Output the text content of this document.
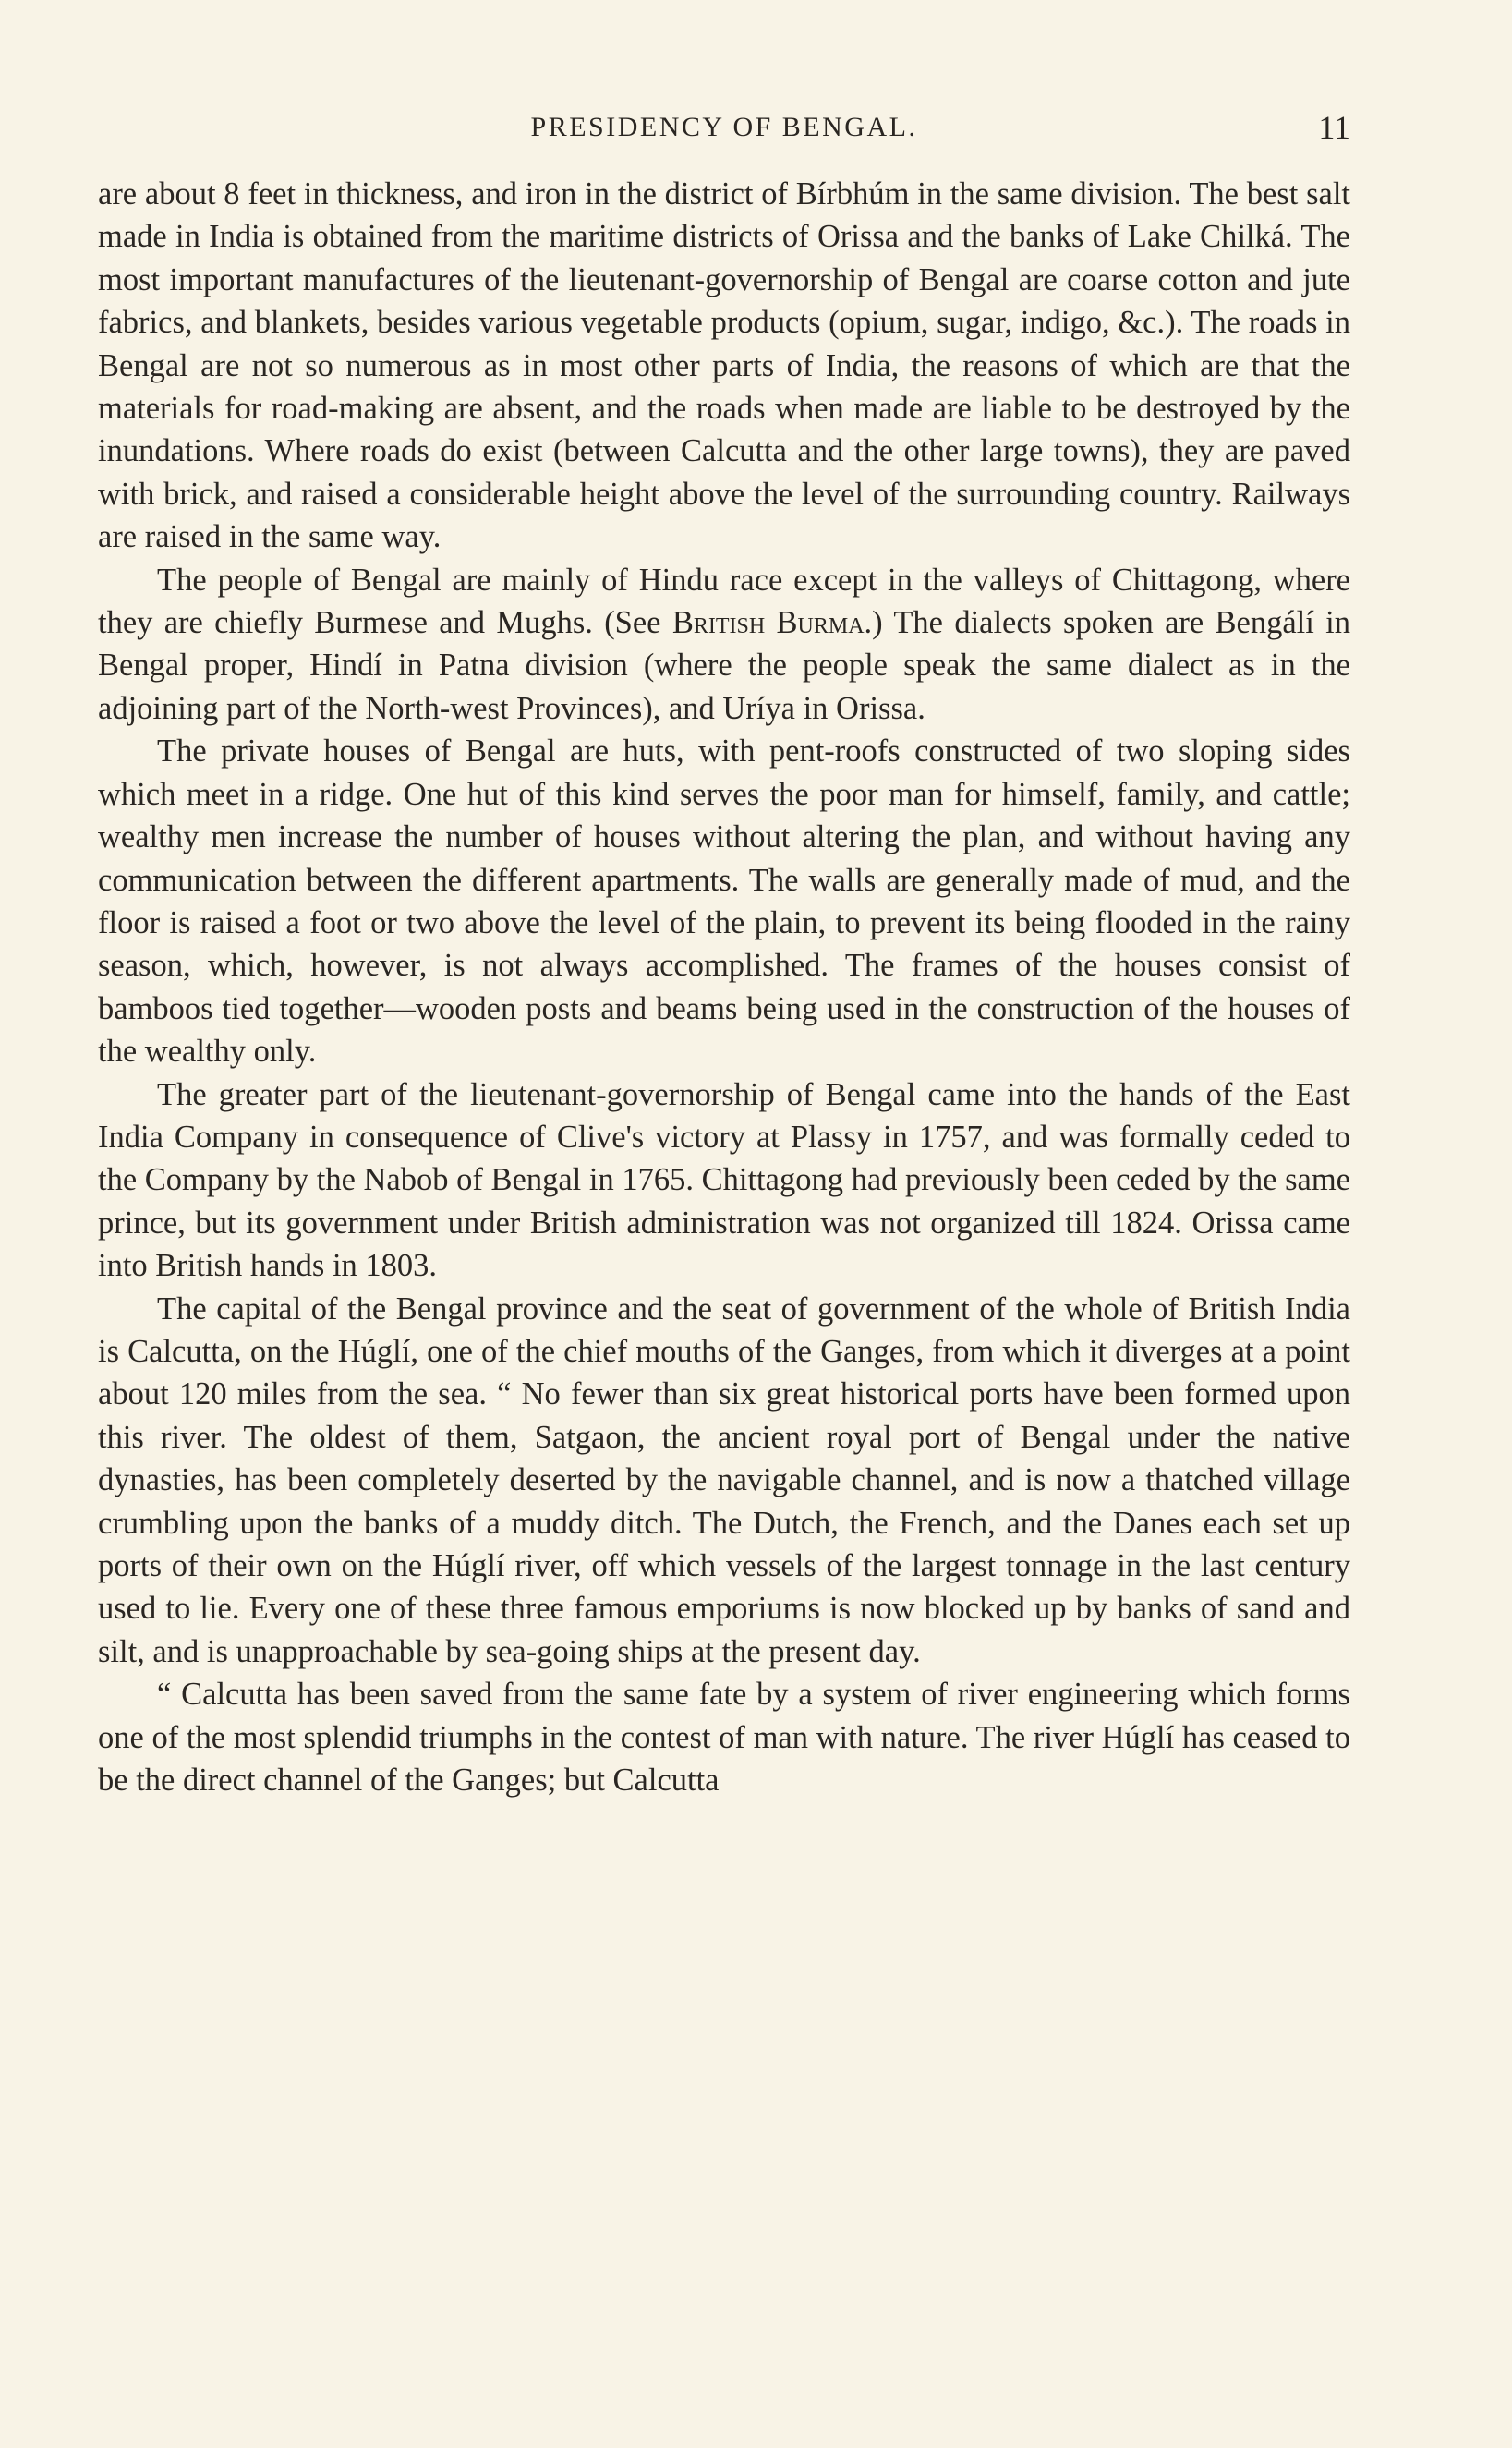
PRESIDENCY OF BENGAL.	11

are about 8 feet in thickness, and iron in the district of Bírbhúm in the same division. The best salt made in India is obtained from the maritime districts of Orissa and the banks of Lake Chilká. The most important manufactures of the lieutenant-governorship of Bengal are coarse cotton and jute fabrics, and blankets, besides various vegetable products (opium, sugar, indigo, &c.). The roads in Bengal are not so numerous as in most other parts of India, the reasons of which are that the materials for road-making are absent, and the roads when made are liable to be destroyed by the inundations. Where roads do exist (between Calcutta and the other large towns), they are paved with brick, and raised a considerable height above the level of the surrounding country. Railways are raised in the same way.

The people of Bengal are mainly of Hindu race except in the valleys of Chittagong, where they are chiefly Burmese and Mughs. (See British Burma.) The dialects spoken are Bengálí in Bengal proper, Hindí in Patna division (where the people speak the same dialect as in the adjoining part of the North-west Provinces), and Uríya in Orissa.

The private houses of Bengal are huts, with pent-roofs constructed of two sloping sides which meet in a ridge. One hut of this kind serves the poor man for himself, family, and cattle; wealthy men increase the number of houses without altering the plan, and without having any communication between the different apartments. The walls are generally made of mud, and the floor is raised a foot or two above the level of the plain, to prevent its being flooded in the rainy season, which, however, is not always accomplished. The frames of the houses consist of bamboos tied together—wooden posts and beams being used in the construction of the houses of the wealthy only.

The greater part of the lieutenant-governorship of Bengal came into the hands of the East India Company in consequence of Clive's victory at Plassy in 1757, and was formally ceded to the Company by the Nabob of Bengal in 1765. Chittagong had previously been ceded by the same prince, but its government under British administration was not organized till 1824. Orissa came into British hands in 1803.

The capital of the Bengal province and the seat of government of the whole of British India is Calcutta, on the Húglí, one of the chief mouths of the Ganges, from which it diverges at a point about 120 miles from the sea. “ No fewer than six great historical ports have been formed upon this river. The oldest of them, Satgaon, the ancient royal port of Bengal under the native dynasties, has been completely deserted by the navigable channel, and is now a thatched village crumbling upon the banks of a muddy ditch. The Dutch, the French, and the Danes each set up ports of their own on the Húglí river, off which vessels of the largest tonnage in the last century used to lie. Every one of these three famous emporiums is now blocked up by banks of sand and silt, and is unapproachable by sea-going ships at the present day.

“ Calcutta has been saved from the same fate by a system of river engineering which forms one of the most splendid triumphs in the contest of man with nature. The river Húglí has ceased to be the direct channel of the Ganges; but Calcutta
